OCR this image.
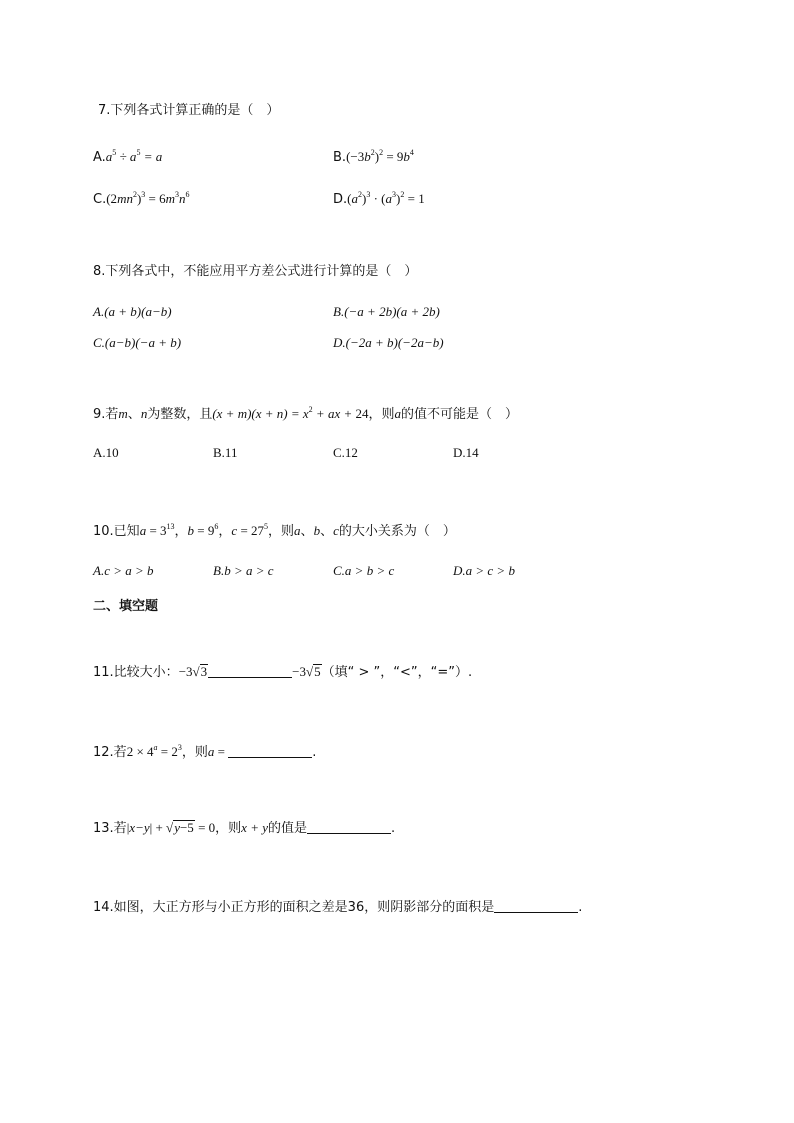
7.下列各式计算正确的是（　）
$A.a^5 \div a^5 = a$	$B.(-3b^2)^2 = 9b^4$
$C.(2mn^2)^3 = 6m^3n^6$	$D.(a^2)^3 \cdot (a^3)^2 = 1$
8.下列各式中，不能应用平方差公式进行计算的是（　）
A.(a + b)(a−b)	B.(−a + 2b)(a + 2b)
C.(a−b)(−a + b)	D.(−2a + b)(−2a−b)
9.若m、n为整数，且$(x + m)(x + n) = x^2$ + ax + 24，则a的值不可能是（　）
A.10	B.11	C.12	D.14
10.已知$a = 3^{13}$，$b = 9^6$，$c = 27^5$，则a、b、c的大小关系为（　）
A.c > a > b	B.b > a > c	C.a > b > c	D.a > c > b
二、填空题
11.比较大小：−3√3	−3√5（填“ > ”，“<”，“=”）.
12.若$2 \times 4^a = 2^3$，则a =	.
13.若|x−y| + √y−5 = 0，则x + y的值是	.
14.如图，大正方形与小正方形的面积之差是36，则阴影部分的面积是	.
